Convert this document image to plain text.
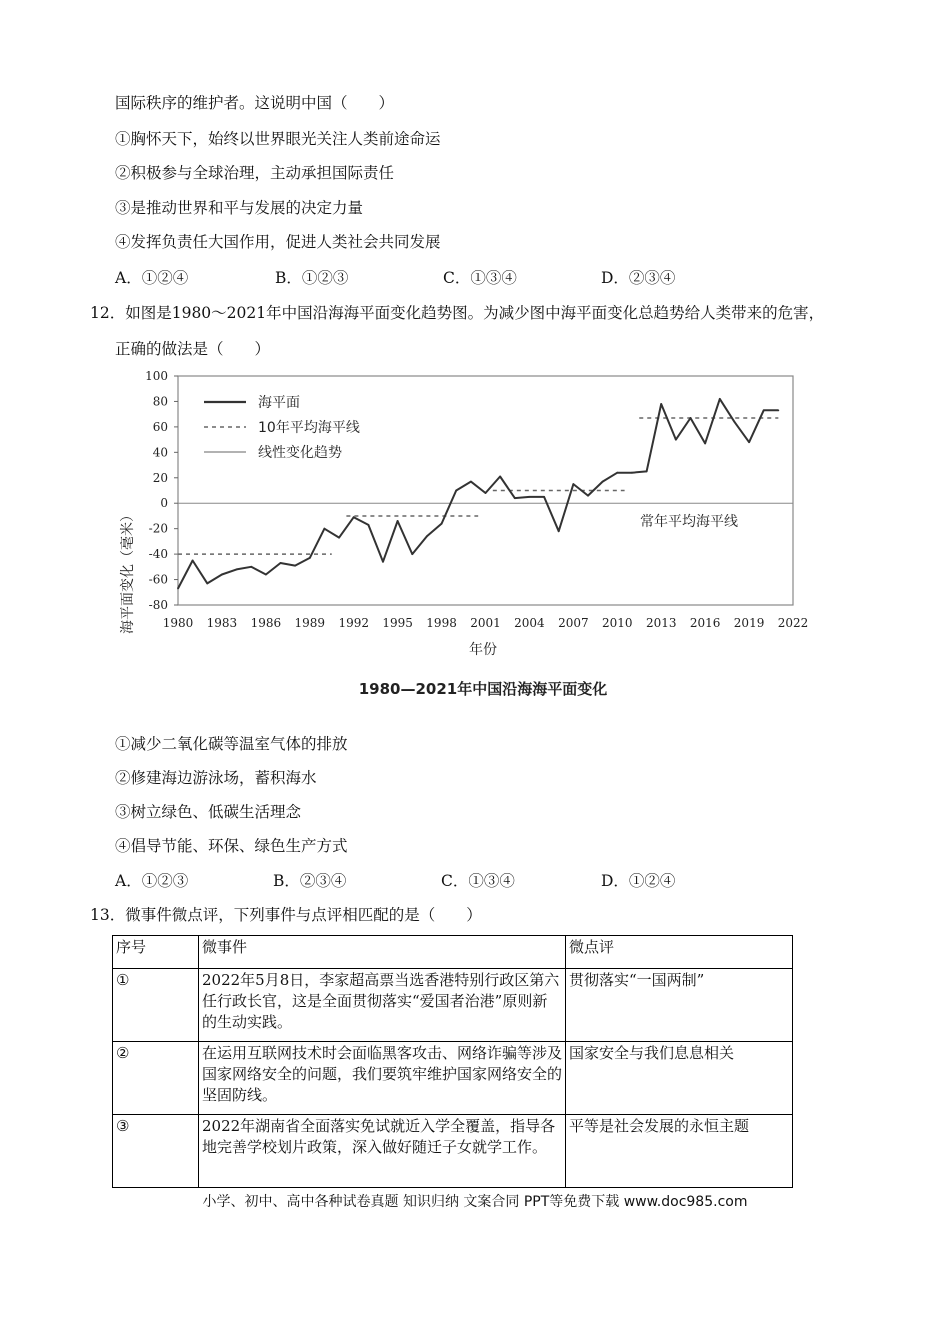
国际秩序的维护者。这说明中国（　　）
①胸怀天下，始终以世界眼光关注人类前途命运
②积极参与全球治理，主动承担国际责任
③是推动世界和平与发展的决定力量
④发挥负责任大国作用，促进人类社会共同发展
A．①②④	B．①②③	C．①③④	D．②③④
12．如图是1980～2021年中国沿海海平面变化趋势图。为减少图中海平面变化总趋势给人类带来的危害，
正确的做法是（　　）
100
80
60
40
20
0
-20
-40
-60
-80
1980 1983 1986 1989 1992 1995 1998 2001 2004 2007 2010 2013 2016 2019 2022
海平面
10年平均海平线
线性变化趋势
常年平均海平线
海平面变化（毫米）
年份
1980—2021年中国沿海海平面变化
①减少二氧化碳等温室气体的排放
②修建海边游泳场，蓄积海水
③树立绿色、低碳生活理念
④倡导节能、环保、绿色生产方式
A．①②③	B．②③④	C．①③④	D．①②④
13．微事件微点评，下列事件与点评相匹配的是（　　）
序号	微事件	微点评
①	2022年5月8日，李家超高票当选香港特别行政区第六任行政长官，这是全面贯彻落实“爱国者治港”原则新的生动实践。	贯彻落实“一国两制”
②	在运用互联网技术时会面临黑客攻击、网络诈骗等涉及国家网络安全的问题，我们要筑牢维护国家网络安全的坚固防线。	国家安全与我们息息相关
③	2022年湖南省全面落实免试就近入学全覆盖，指导各地完善学校划片政策，深入做好随迁子女就学工作。	平等是社会发展的永恒主题
小学、初中、高中各种试卷真题 知识归纳 文案合同 PPT等免费下载 www.doc985.com
